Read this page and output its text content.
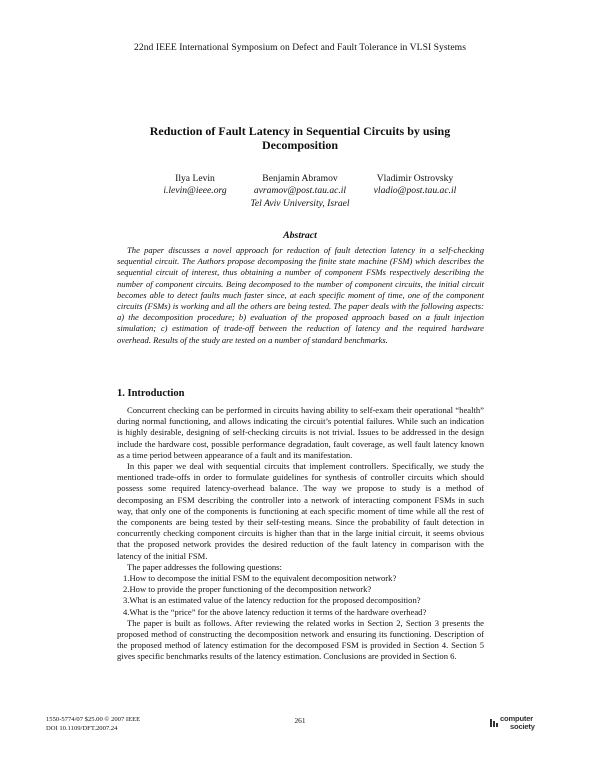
22nd IEEE International Symposium on Defect and Fault Tolerance in VLSI Systems
Reduction of Fault Latency in Sequential Circuits by using
Decomposition
Ilya Levin
i.levin@ieee.org
Benjamin Abramov
avramov@post.tau.ac.il
Vladimir Ostrovsky
vladio@post.tau.ac.il
Tel Aviv University, Israel
Abstract

The paper discusses a novel approach for reduction of fault detection latency in a self-checking sequential circuit. The Authors propose decomposing the finite state machine (FSM) which describes the sequential circuit of interest, thus obtaining a number of component FSMs respectively describing the number of component circuits. Being decomposed to the number of component circuits, the initial circuit becomes able to detect faults much faster since, at each specific moment of time, one of the component circuits (FSMs) is working and all the others are being tested. The paper deals with the following aspects: a) the decomposition procedure; b) evaluation of the proposed approach based on a fault injection simulation; c) estimation of trade-off between the reduction of latency and the required hardware overhead. Results of the study are tested on a number of standard benchmarks.

1. Introduction

Concurrent checking can be performed in circuits having ability to self-exam their operational “health” during normal functioning, and allows indicating the circuit’s potential failures. While such an indication is highly desirable, designing of self-checking circuits is not trivial. Issues to be addressed in the design include the hardware cost, possible performance degradation, fault coverage, as well fault latency known as a time period between appearance of a fault and its manifestation.

In this paper we deal with sequential circuits that implement controllers. Specifically, we study the mentioned trade-offs in order to formulate guidelines for synthesis of controller circuits which should possess some required latency-overhead balance. The way we propose to study is a method of decomposing an FSM describing the controller into a network of interacting component FSMs in such way, that only one of the components is functioning at each specific moment of time while all the rest of the components are being tested by their self-testing means. Since the probability of fault detection in concurrently checking component circuits is higher than that in the large initial circuit, it seems obvious that the proposed network provides the desired reduction of the fault latency in comparison with the latency of the initial FSM.

The paper addresses the following questions:

1.How to decompose the initial FSM to the equivalent decomposition network?

2.How to provide the proper functioning of the decomposition network?

3.What is an estimated value of the latency reduction for the proposed decomposition?

4.What is the “price” for the above latency reduction it terms of the hardware overhead?

The paper is built as follows. After reviewing the related works in Section 2, Section 3 presents the proposed method of constructing the decomposition network and ensuring its functioning. Description of the proposed method of latency estimation for the decomposed FSM is provided in Section 4. Section 5 gives specific benchmarks results of the latency estimation. Conclusions are provided in Section 6.

1550-5774/07 $25.00 © 2007 IEEE
DOI 10.1109/DFT.2007.24
261	computer
society
